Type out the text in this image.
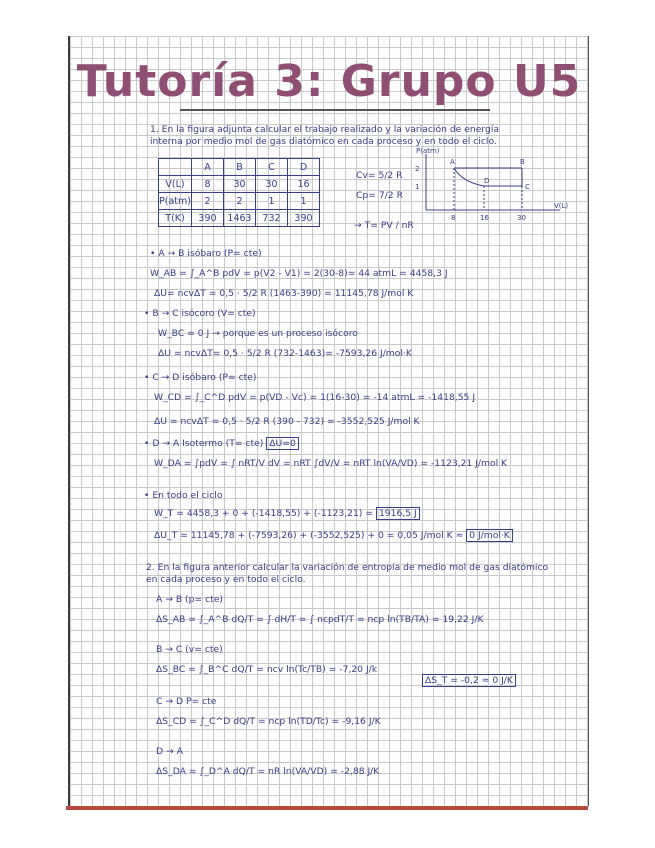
Tutoría 3: Grupo U5
1. En la figura adjunta calcular el trabajo realizado y la variación de energía
interna por medio mol de gas diatómico en cada proceso y en todo el ciclo.
	A	B	C	D
V(L)	8	30	30	16
P(atm)	2	2	1	1
T(K)	390	1463	732	390
Cv= 5/2 R
Cp= 7/2 R
→ T= PV / nR
P(atm)
V(L)
2
1
8	16	30
A	B
C
D
• A → B isóbaro (P= cte)
W_AB = ∫_A^B pdV = p(V2 - V1) = 2(30-8)= 44 atmL = 4458,3 J
ΔU= ncvΔT = 0,5 · 5/2 R (1463-390) = 11145,78 J/mol K
• B → C isócoro (V= cte)
W_BC = 0 J → porque es un proceso isócoro
ΔU = ncvΔT= 0,5 · 5/2 R (732-1463)= -7593,26 J/mol·K
• C → D isóbaro (P= cte)
W_CD = ∫_C^D pdV = p(VD - Vc) = 1(16-30) = -14 atmL = -1418,55 J
ΔU = ncvΔT = 0,5 · 5/2 R (390 - 732) = -3552,525 J/mol K
• D → A Isotermo (T= cte) ΔU=0
W_DA = ∫pdV = ∫ nRT/V dV = nRT ∫dV/V = nRT ln(VA/VD) = -1123,21 J/mol K
• En todo el ciclo
W_T = 4458,3 + 0 + (-1418,55) + (-1123,21) = 1916,5 J
ΔU_T = 11145,78 + (-7593,26) + (-3552,525) + 0 = 0,05 J/mol K ≈ 0 J/mol·K
2. En la figura anterior calcular la variación de entropía de medio mol de gas diatómico
en cada proceso y en todo el ciclo.
A → B (p= cte)
ΔS_AB = ∫_A^B dQ/T = ∫ dH/T = ∫ ncpdT/T = ncp ln(TB/TA) = 19,22 J/K
B → C (v= cte)
ΔS_BC = ∫_B^C dQ/T = ncv ln(Tc/TB) = -7,20 J/k
ΔS_T = -0,2 ≈ 0 J/K
C → D P= cte
ΔS_CD = ∫_C^D dQ/T = ncp ln(TD/Tc) = -9,16 J/K
D → A
ΔS_DA = ∫_D^A dQ/T = nR ln(VA/VD) = -2,88 J/K
